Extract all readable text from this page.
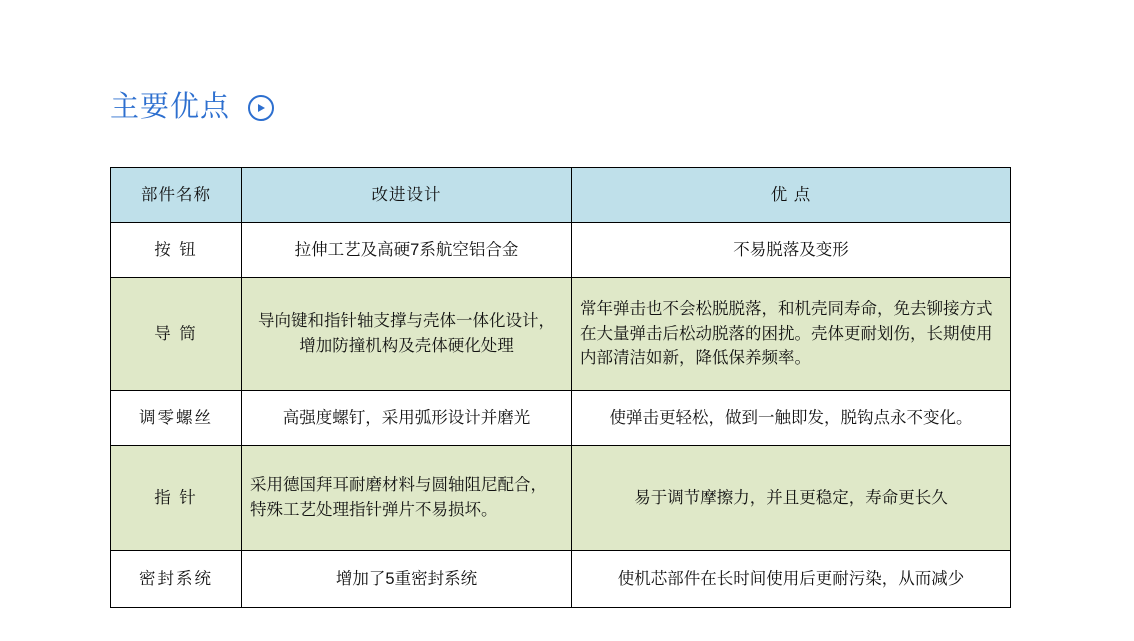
主要优点
部件名称	改进设计	优 点
按 钮	拉伸工艺及高硬7系航空铝合金	不易脱落及变形
导 筒	导向键和指针轴支撑与壳体一体化设计，增加防撞机构及壳体硬化处理	常年弹击也不会松脱脱落，和机壳同寿命，免去铆接方式在大量弹击后松动脱落的困扰。壳体更耐划伤，长期使用内部清洁如新，降低保养频率。
调零螺丝	高强度螺钉，采用弧形设计并磨光	使弹击更轻松，做到一触即发，脱钩点永不变化。
指 针	采用德国拜耳耐磨材料与圆轴阻尼配合，特殊工艺处理指针弹片不易损坏。	易于调节摩擦力，并且更稳定，寿命更长久
密封系统	增加了5重密封系统	使机芯部件在长时间使用后更耐污染，从而减少
